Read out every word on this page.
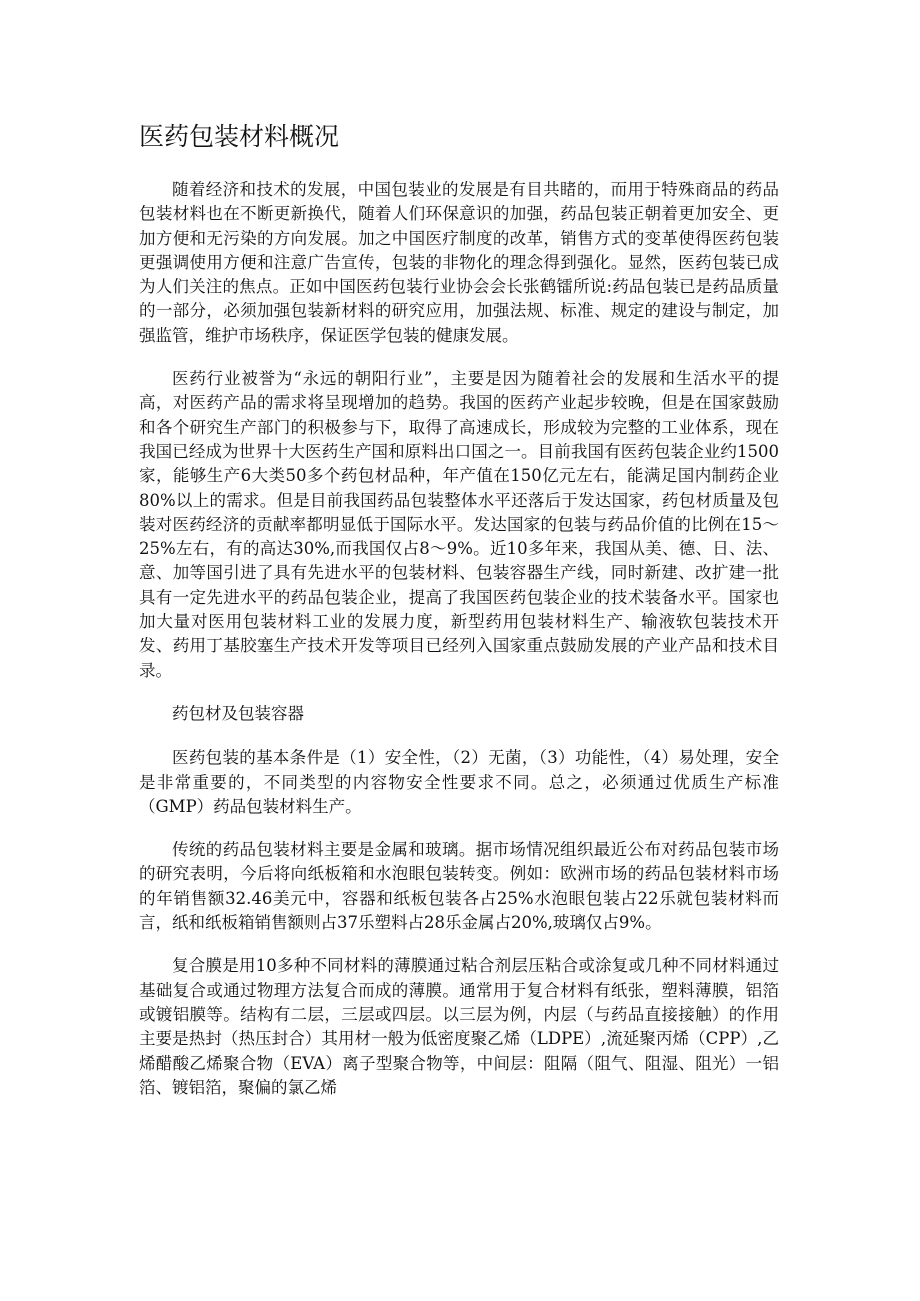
医药包装材料概况

随着经济和技术的发展，中国包装业的发展是有目共睹的，而用于特殊商品的药品包装材料也在不断更新换代，随着人们环保意识的加强，药品包装正朝着更加安全、更加方便和无污染的方向发展。加之中国医疗制度的改革，销售方式的变革使得医药包装更强调使用方便和注意广告宣传，包装的非物化的理念得到强化。显然，医药包装已成为人们关注的焦点。正如中国医药包装行业协会会长张鹤镭所说:药品包装已是药品质量的一部分，必须加强包装新材料的研究应用，加强法规、标准、规定的建设与制定，加强监管，维护市场秩序，保证医学包装的健康发展。

医药行业被誉为“永远的朝阳行业”，主要是因为随着社会的发展和生活水平的提高，对医药产品的需求将呈现增加的趋势。我国的医药产业起步较晚，但是在国家鼓励和各个研究生产部门的积极参与下，取得了高速成长，形成较为完整的工业体系，现在我国已经成为世界十大医药生产国和原料出口国之一。目前我国有医药包装企业约1500家，能够生产6大类50多个药包材品种，年产值在150亿元左右，能满足国内制药企业80%以上的需求。但是目前我国药品包装整体水平还落后于发达国家，药包材质量及包装对医药经济的贡献率都明显低于国际水平。发达国家的包装与药品价值的比例在15～25%左右，有的高达30%,而我国仅占8～9%。近10多年来，我国从美、德、日、法、意、加等国引进了具有先进水平的包装材料、包装容器生产线，同时新建、改扩建一批具有一定先进水平的药品包装企业，提高了我国医药包装企业的技术装备水平。国家也加大量对医用包装材料工业的发展力度，新型药用包装材料生产、输液软包装技术开发、药用丁基胶塞生产技术开发等项目已经列入国家重点鼓励发展的产业产品和技术目录。

药包材及包装容器

医药包装的基本条件是（1）安全性，（2）无菌，（3）功能性，（4）易处理，安全是非常重要的，不同类型的内容物安全性要求不同。总之，必须通过优质生产标准（GMP）药品包装材料生产。

传统的药品包装材料主要是金属和玻璃。据市场情况组织最近公布对药品包装市场的研究表明，今后将向纸板箱和水泡眼包装转变。例如：欧洲市场的药品包装材料市场的年销售额32.46美元中，容器和纸板包装各占25%水泡眼包装占22乐就包装材料而言，纸和纸板箱销售额则占37乐塑料占28乐金属占20%,玻璃仅占9%。

复合膜是用10多种不同材料的薄膜通过粘合剂层压粘合或涂复或几种不同材料通过基础复合或通过物理方法复合而成的薄膜。通常用于复合材料有纸张，塑料薄膜，铝箔或镀铝膜等。结构有二层，三层或四层。以三层为例，内层（与药品直接接触）的作用主要是热封（热压封合）其用材一般为低密度聚乙烯（LDPE）,流延聚丙烯（CPP）,乙烯醋酸乙烯聚合物（EVA）离子型聚合物等，中间层：阻隔（阻气、阻湿、阻光）一铝箔、镀铝箔，聚偏的氯乙烯
